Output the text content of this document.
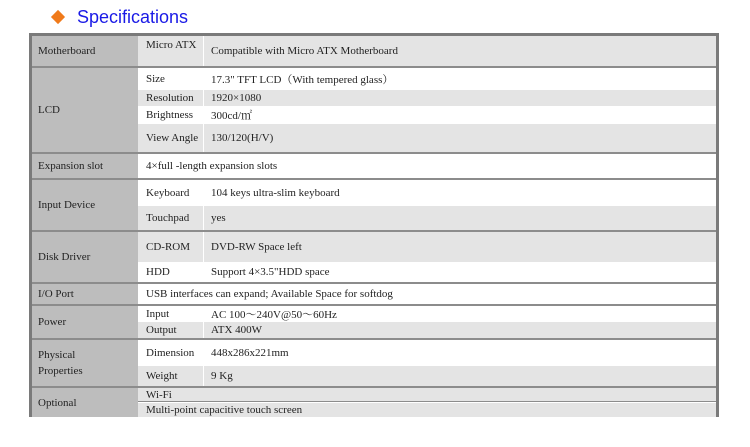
Specifications
Motherboard	Micro ATX	Compatible with Micro ATX Motherboard
LCD
Size	17.3" TFT LCD（With tempered glass）
Resolution	1920×1080
Brightness	300cd/㎡
View Angle	130/120(H/V)
Expansion slot	4×full -length expansion slots
Input Device
Keyboard	104 keys ultra-slim keyboard
Touchpad	yes
Disk Driver
CD-ROM	DVD-RW Space left
HDD	Support 4×3.5"HDD space
I/O Port	USB interfaces can expand; Available Space for softdog
Power
Input	AC 100～240V@50～60Hz
Output	ATX 400W
Physical Properties
Dimension	448x286x221mm
Weight	9 Kg
Optional
Wi-Fi
Multi-point capacitive touch screen
